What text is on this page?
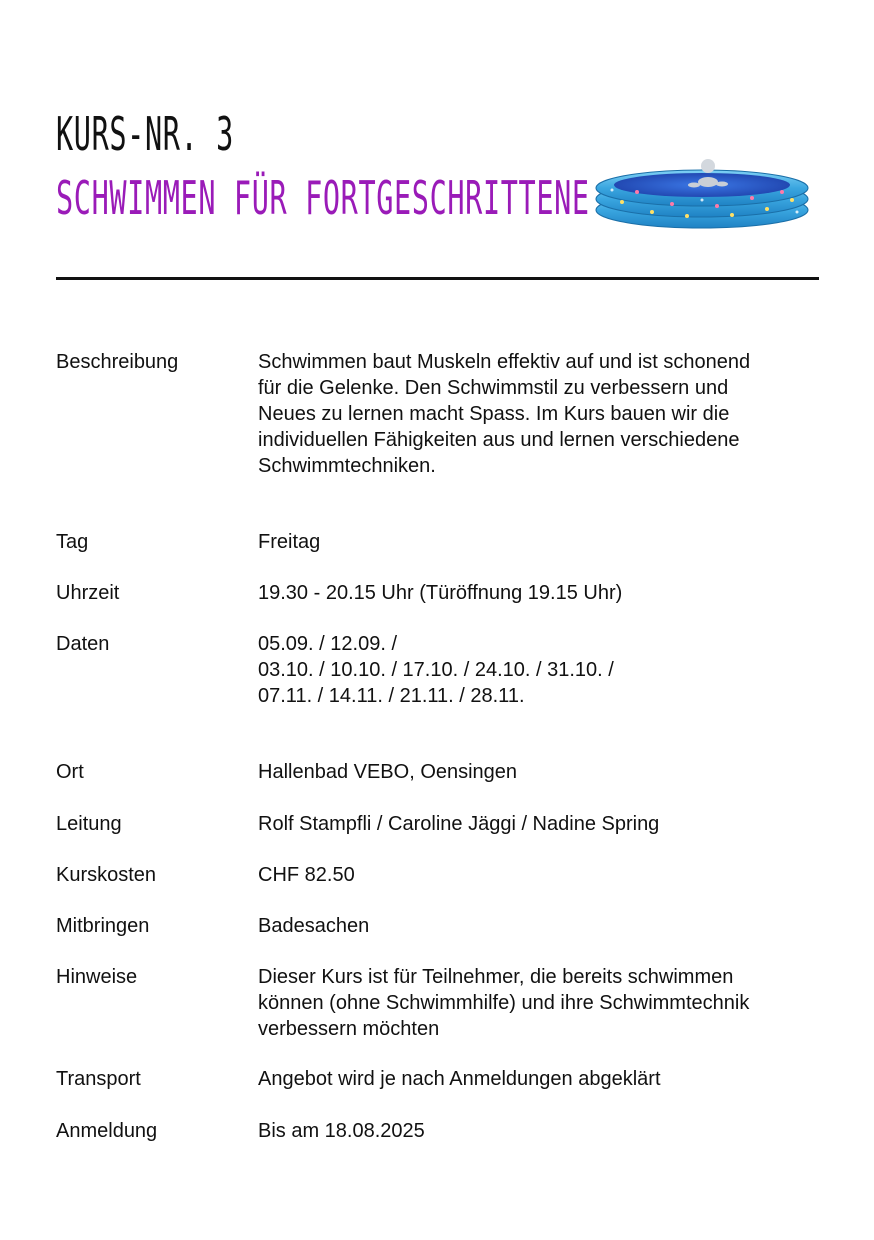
KURS-NR. 3
SCHWIMMEN FÜR FORTGESCHRITTENE
Beschreibung	Schwimmen baut Muskeln effektiv auf und ist schonend
für die Gelenke. Den Schwimmstil zu verbessern und
Neues zu lernen macht Spass. Im Kurs bauen wir die
individuellen Fähigkeiten aus und lernen verschiedene
Schwimmtechniken.
Tag	Freitag
Uhrzeit	19.30 - 20.15 Uhr (Türöffnung 19.15 Uhr)
Daten	05.09. / 12.09. /
03.10. / 10.10. / 17.10. / 24.10. / 31.10. /
07.11. / 14.11. / 21.11. / 28.11.
Ort	Hallenbad VEBO, Oensingen
Leitung	Rolf Stampfli / Caroline Jäggi / Nadine Spring
Kurskosten	CHF 82.50
Mitbringen	Badesachen
Hinweise	Dieser Kurs ist für Teilnehmer, die bereits schwimmen
können (ohne Schwimmhilfe) und ihre Schwimmtechnik
verbessern möchten
Transport	Angebot wird je nach Anmeldungen abgeklärt
Anmeldung	Bis am 18.08.2025
